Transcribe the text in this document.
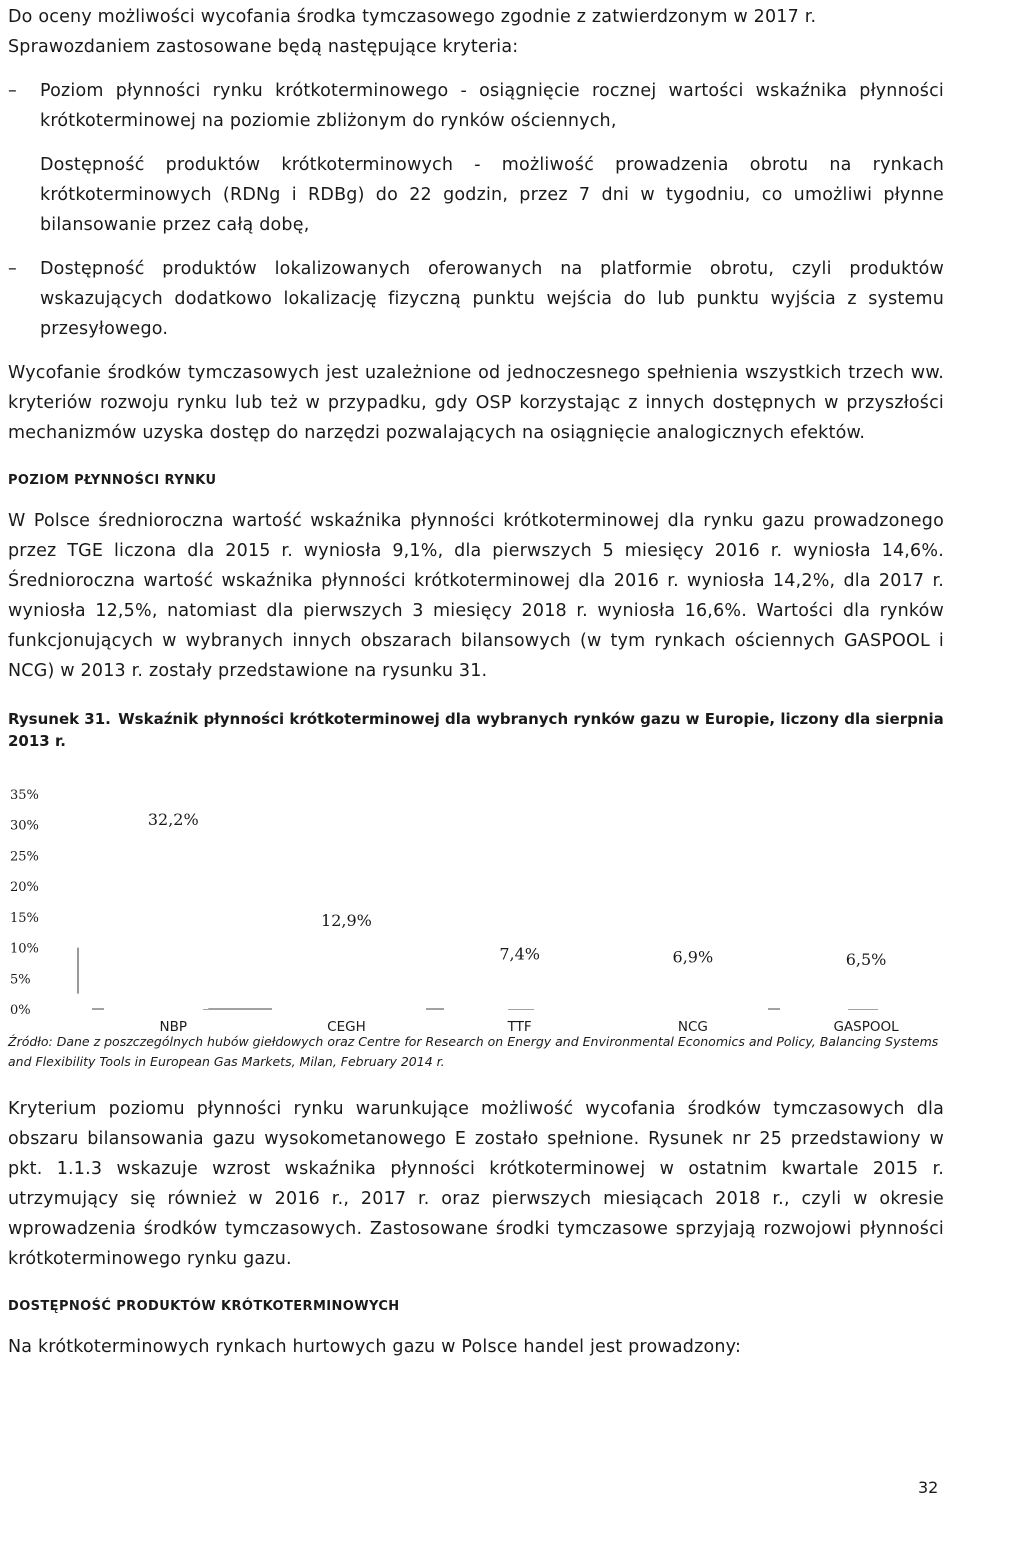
Do oceny możliwości wycofania środka tymczasowego zgodnie z zatwierdzonym w 2017 r.

Sprawozdaniem zastosowane będą następujące kryteria:

– Poziom płynności rynku krótkoterminowego - osiągnięcie rocznej wartości wskaźnika płynności krótkoterminowej na poziomie zbliżonym do rynków ościennych,

Dostępność produktów krótkoterminowych - możliwość prowadzenia obrotu na rynkach krótkoterminowych (RDNg i RDBg) do 22 godzin, przez 7 dni w tygodniu, co umożliwi płynne bilansowanie przez całą dobę,

– Dostępność produktów lokalizowanych oferowanych na platformie obrotu, czyli produktów wskazujących dodatkowo lokalizację fizyczną punktu wejścia do lub punktu wyjścia z systemu przesyłowego.

Wycofanie środków tymczasowych jest uzależnione od jednoczesnego spełnienia wszystkich trzech ww. kryteriów rozwoju rynku lub też w przypadku, gdy OSP korzystając z innych dostępnych w przyszłości mechanizmów uzyska dostęp do narzędzi pozwalających na osiągnięcie analogicznych efektów.

POZIOM PŁYNNOŚCI RYNKU

W Polsce średnioroczna wartość wskaźnika płynności krótkoterminowej dla rynku gazu prowadzonego przez TGE liczona dla 2015 r. wyniosła 9,1%, dla pierwszych 5 miesięcy 2016 r. wyniosła 14,6%. Średnioroczna wartość wskaźnika płynności krótkoterminowej dla 2016 r. wyniosła 14,2%, dla 2017 r. wyniosła 12,5%, natomiast dla pierwszych 3 miesięcy 2018 r. wyniosła 16,6%. Wartości dla rynków funkcjonujących w wybranych innych obszarach bilansowych (w tym rynkach ościennych GASPOOL i NCG) w 2013 r. zostały przedstawione na rysunku 31.

Rysunek 31. Wskaźnik płynności krótkoterminowej dla wybranych rynków gazu w Europie, liczony dla sierpnia 2013 r.

0%
5%
10%
15%
20%
25%
30%
35%
NBP
32,2%
CEGH
12,9%
TTF
7,4%
NCG
6,9%
GASPOOL
6,5%

Źródło: Dane z poszczególnych hubów giełdowych oraz Centre for Research on Energy and Environmental Economics and Policy, Balancing Systems and Flexibility Tools in European Gas Markets, Milan, February 2014 r.

Kryterium poziomu płynności rynku warunkujące możliwość wycofania środków tymczasowych dla obszaru bilansowania gazu wysokometanowego E zostało spełnione. Rysunek nr 25 przedstawiony w pkt. 1.1.3 wskazuje wzrost wskaźnika płynności krótkoterminowej w ostatnim kwartale 2015 r. utrzymujący się również w 2016 r., 2017 r. oraz pierwszych miesiącach 2018 r., czyli w okresie wprowadzenia środków tymczasowych. Zastosowane środki tymczasowe sprzyjają rozwojowi płynności krótkoterminowego rynku gazu.

DOSTĘPNOŚĆ PRODUKTÓW KRÓTKOTERMINOWYCH

Na krótkoterminowych rynkach hurtowych gazu w Polsce handel jest prowadzony:

32
